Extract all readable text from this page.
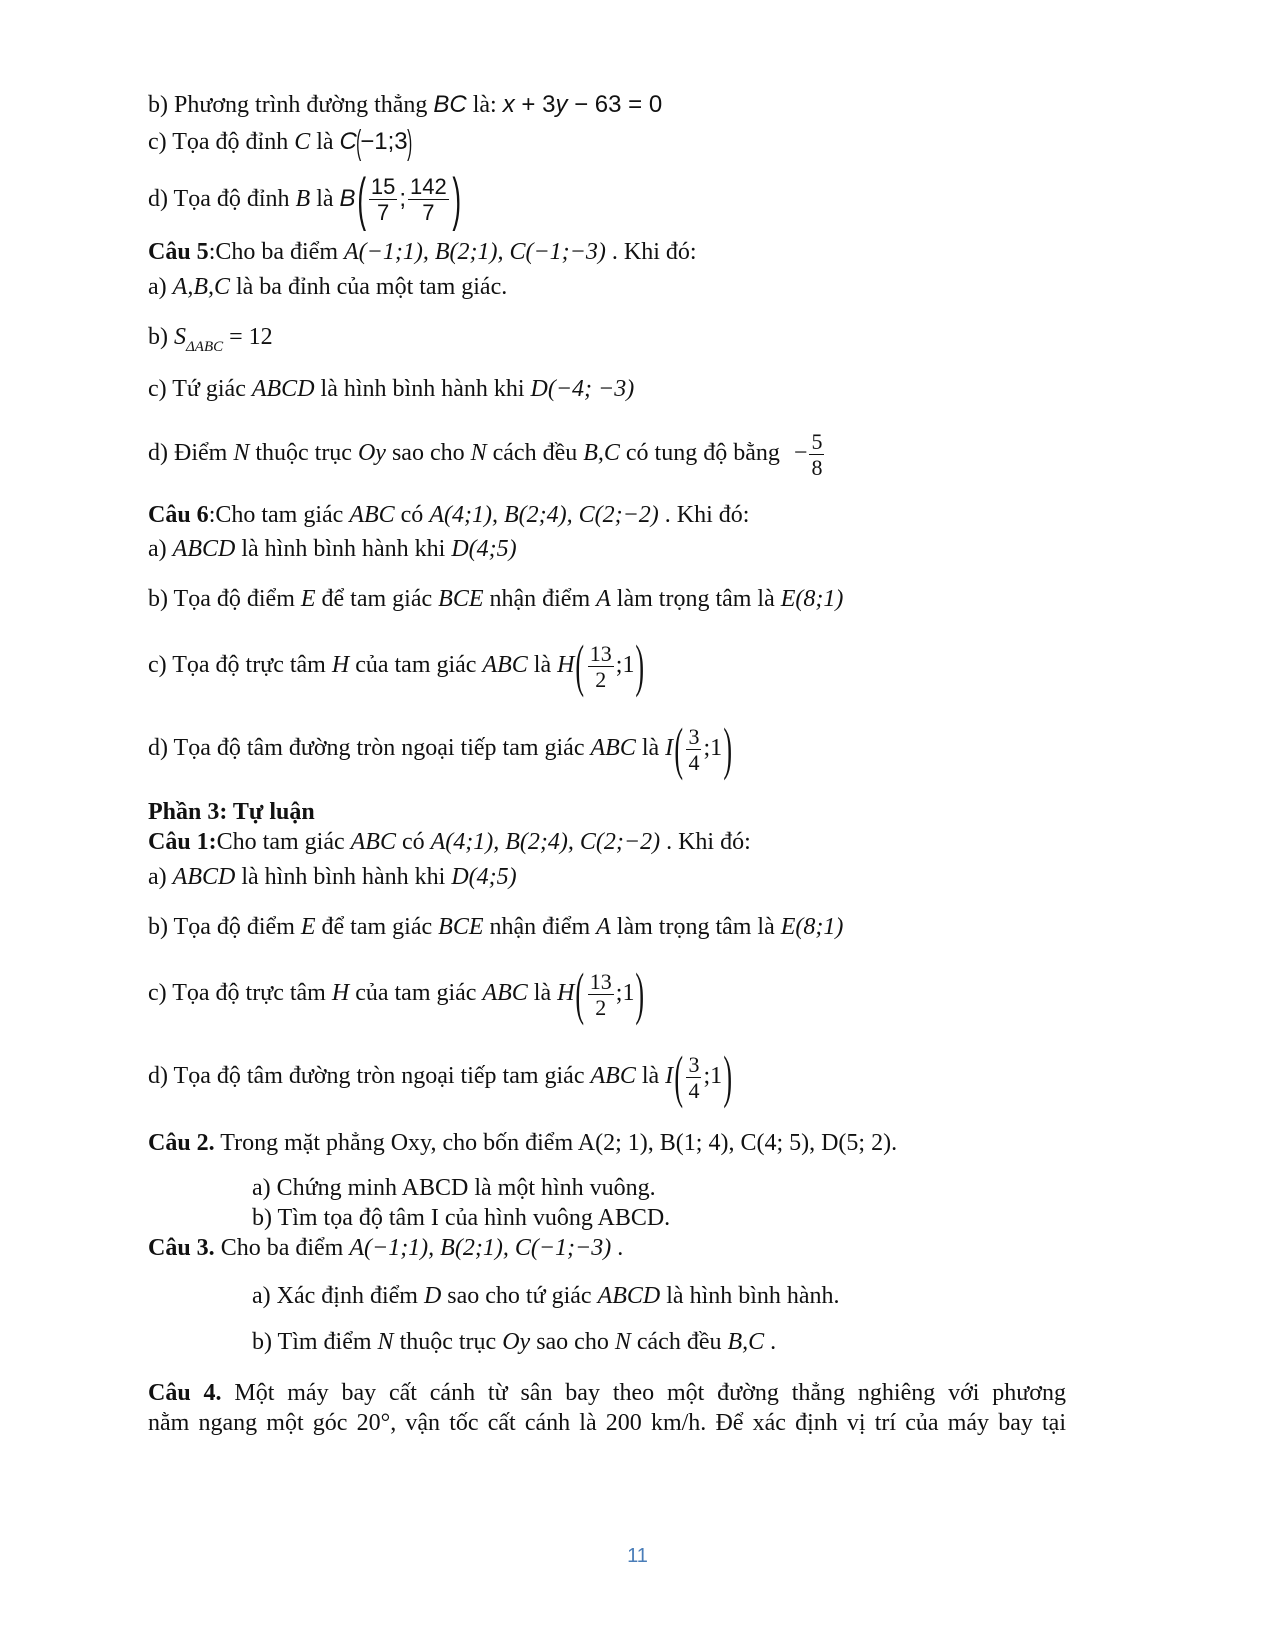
b) Phương trình đường thẳng BC là: x + 3y − 63 = 0
c) Tọa độ đỉnh C là C(−1;3)
d) Tọa độ đỉnh B là $B( \frac{15}{7}$ ; $\frac{142}{7}$ )
Câu 5:Cho ba điểm A(−1;1), B(2;1), C(−1;−3) . Khi đó:
a) A,B,C là ba đỉnh của một tam giác.
b) $S_{\Delta ABC} = 12$
c) Tứ giác ABCD là hình bình hành khi D(−4; −3)
d) Điểm N thuộc trục Oy sao cho N cách đều B,C có tung độ bằng − $\frac{5}{8}$
Câu 6:Cho tam giác ABC có A(4;1), B(2;4), C(2;−2) . Khi đó:
a) ABCD là hình bình hành khi D(4;5)
b) Tọa độ điểm E để tam giác BCE nhận điểm A làm trọng tâm là E(8;1)
c) Tọa độ trực tâm H của tam giác ABC là $H( \frac{13}{2}$ ;1)
d) Tọa độ tâm đường tròn ngoại tiếp tam giác ABC là $I( \frac{3}{4}$ ;1)
Phần 3: Tự luận
Câu 1:Cho tam giác ABC có A(4;1), B(2;4), C(2;−2) . Khi đó:
a) ABCD là hình bình hành khi D(4;5)
b) Tọa độ điểm E để tam giác BCE nhận điểm A làm trọng tâm là E(8;1)
c) Tọa độ trực tâm H của tam giác ABC là $H( \frac{13}{2}$ ;1)
d) Tọa độ tâm đường tròn ngoại tiếp tam giác ABC là $I( \frac{3}{4}$ ;1)
Câu 2. Trong mặt phẳng Oxy, cho bốn điểm A(2; 1), B(1; 4), C(4; 5), D(5; 2).
a) Chứng minh ABCD là một hình vuông.
b) Tìm tọa độ tâm I của hình vuông ABCD.
Câu 3. Cho ba điểm A(−1;1), B(2;1), C(−1;−3) .
a) Xác định điểm D sao cho tứ giác ABCD là hình bình hành.
b) Tìm điểm N thuộc trục Oy sao cho N cách đều B,C .
Câu 4. Một máy bay cất cánh từ sân bay theo một đường thẳng nghiêng với phương
nằm ngang một góc 20°, vận tốc cất cánh là 200 km/h. Để xác định vị trí của máy bay tại
11
